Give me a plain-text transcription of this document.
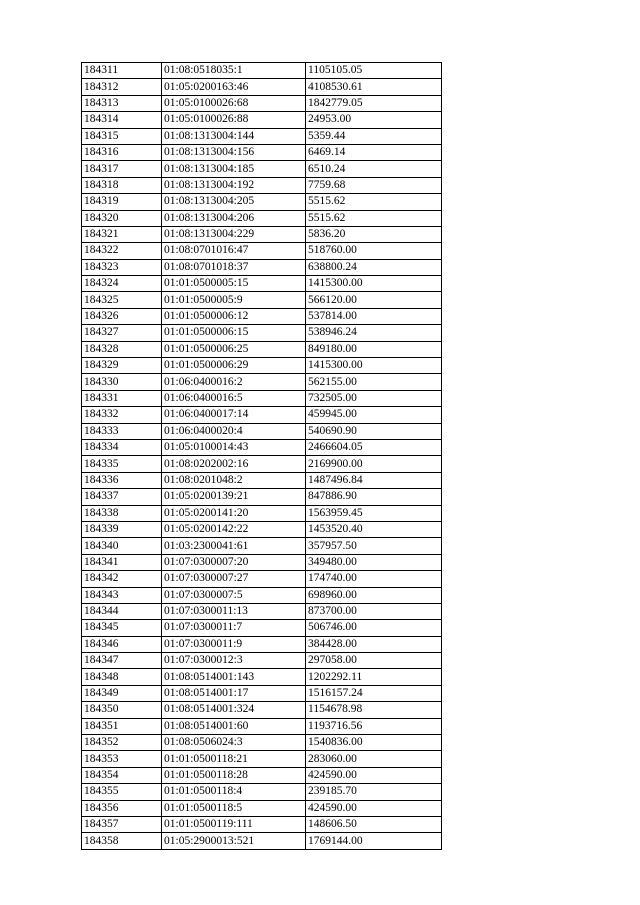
184311	01:08:0518035:1	1105105.05
184312	01:05:0200163:46	4108530.61
184313	01:05:0100026:68	1842779.05
184314	01:05:0100026:88	24953.00
184315	01:08:1313004:144	5359.44
184316	01:08:1313004:156	6469.14
184317	01:08:1313004:185	6510.24
184318	01:08:1313004:192	7759.68
184319	01:08:1313004:205	5515.62
184320	01:08:1313004:206	5515.62
184321	01:08:1313004:229	5836.20
184322	01:08:0701016:47	518760.00
184323	01:08:0701018:37	638800.24
184324	01:01:0500005:15	1415300.00
184325	01:01:0500005:9	566120.00
184326	01:01:0500006:12	537814.00
184327	01:01:0500006:15	538946.24
184328	01:01:0500006:25	849180.00
184329	01:01:0500006:29	1415300.00
184330	01:06:0400016:2	562155.00
184331	01:06:0400016:5	732505.00
184332	01:06:0400017:14	459945.00
184333	01:06:0400020:4	540690.90
184334	01:05:0100014:43	2466604.05
184335	01:08:0202002:16	2169900.00
184336	01:08:0201048:2	1487496.84
184337	01:05:0200139:21	847886.90
184338	01:05:0200141:20	1563959.45
184339	01:05:0200142:22	1453520.40
184340	01:03:2300041:61	357957.50
184341	01:07:0300007:20	349480.00
184342	01:07:0300007:27	174740.00
184343	01:07:0300007:5	698960.00
184344	01:07:0300011:13	873700.00
184345	01:07:0300011:7	506746.00
184346	01:07:0300011:9	384428.00
184347	01:07:0300012:3	297058.00
184348	01:08:0514001:143	1202292.11
184349	01:08:0514001:17	1516157.24
184350	01:08:0514001:324	1154678.98
184351	01:08:0514001:60	1193716.56
184352	01:08:0506024:3	1540836.00
184353	01:01:0500118:21	283060.00
184354	01:01:0500118:28	424590.00
184355	01:01:0500118:4	239185.70
184356	01:01:0500118:5	424590.00
184357	01:01:0500119:111	148606.50
184358	01:05:2900013:521	1769144.00
